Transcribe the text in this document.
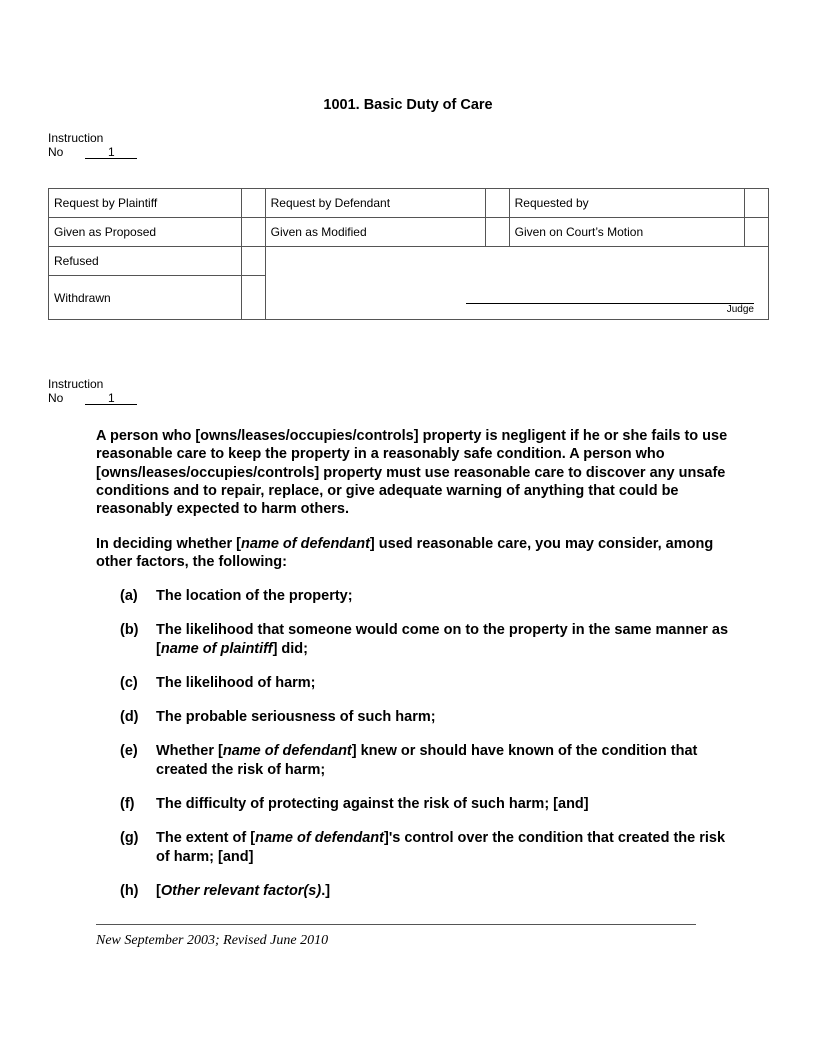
1001. Basic Duty of Care
Instruction
No	1
Request by Plaintiff		Request by Defendant		Requested by	
Given as Proposed		Given as Modified		Given on Court’s Motion	
Refused					
Withdrawn					
Judge
Instruction
No	1
A person who [owns/leases/occupies/controls] property is negligent if he or she fails to use reasonable care to keep the property in a reasonably safe condition. A person who [owns/leases/occupies/controls] property must use reasonable care to discover any unsafe conditions and to repair, replace, or give adequate warning of anything that could be reasonably expected to harm others.
In deciding whether [name of defendant] used reasonable care, you may consider, among other factors, the following:
(a)	The location of the property;
(b)	The likelihood that someone would come on to the property in the same manner as [name of plaintiff] did;
(c)	The likelihood of harm;
(d)	The probable seriousness of such harm;
(e)	Whether [name of defendant] knew or should have known of the condition that created the risk of harm;
(f)	The difficulty of protecting against the risk of such harm; [and]
(g)	The extent of [name of defendant]'s control over the condition that created the risk of harm; [and]
(h)	[Other relevant factor(s).]
New September 2003; Revised June 2010
